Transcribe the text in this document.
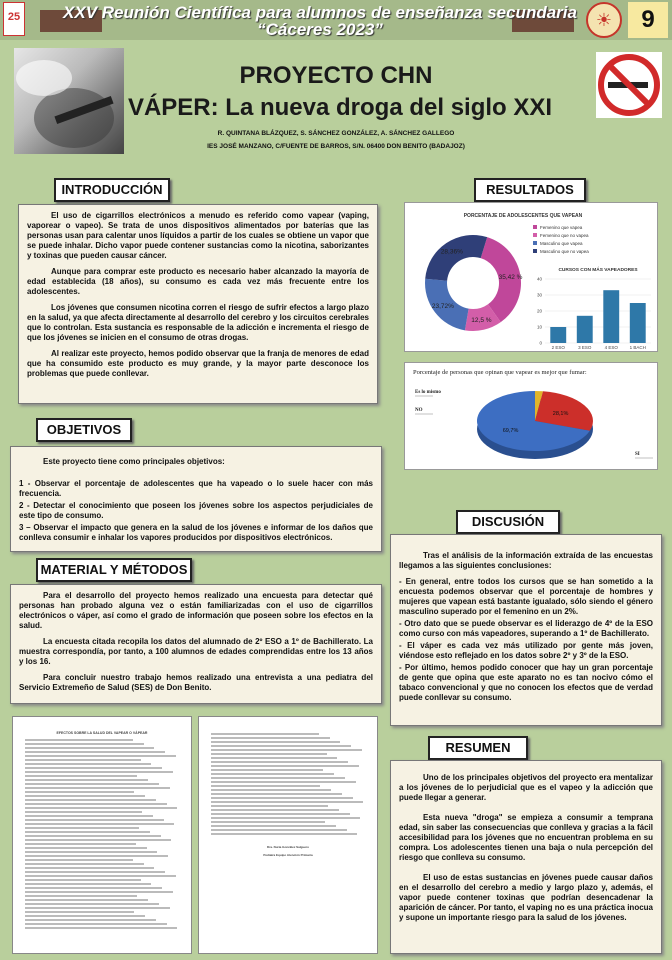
25	XXV Reunión Científica para alumnos de enseñanza secundaria
“Cáceres 2023”	☀	9
PROYECTO CHN
VÁPER: La nueva droga del siglo XXI
R. QUINTANA BLÁZQUEZ, S. SÁNCHEZ GONZÁLEZ, A. SÁNCHEZ GALLEGO
IES JOSÉ MANZANO, C/FUENTE DE BARROS, S/N. 06400 DON BENITO (BADAJOZ)
INTRODUCCIÓN

El uso de cigarrillos electrónicos a menudo es referido como vapear (vaping, vaporear o vapeo). Se trata de unos dispositivos alimentados por baterías que las personas usan para calentar unos líquidos a partir de los cuales se obtiene un vapor que se puede inhalar. Dicho vapor puede contener sustancias como la nicotina, saborizantes y toxinas que pueden causar cáncer.

Aunque para comprar este producto es necesario haber alcanzado la mayoría de edad establecida (18 años), su consumo es cada vez más frecuente entre los adolescentes.

Los jóvenes que consumen nicotina corren el riesgo de sufrir efectos a largo plazo en la salud, ya que afecta directamente al desarrollo del cerebro y los circuitos cerebrales que lo controlan. Esta sustancia es responsable de la adicción e incrementa el riesgo de que los jóvenes se inicien en el consumo de otras drogas.

Al realizar este proyecto, hemos podido observar que la franja de menores de edad que ha consumido este producto es muy grande, y la mayor parte desconoce los problemas que puede conllevar.

RESULTADOS
PORCENTAJE DE ADOLESCENTES QUE VAPEAN
35,42 %
12,5 %
23,72%
28,36%
Femenino que vapea
Femenino que no vapea
Masculino que vapea
Masculino que no vapea
CURSOS CON MÁS VAPEADORES
0
10
20
30
40
2 ESO	3 ESO	4 ESO	1 BACH
Porcentaje de personas que opinan que vapear es mejor que fumar:
28,1%
69,7%
Es lo mismo
NO
SI
OBJETIVOS

Este proyecto tiene como principales objetivos:

1 - Observar el porcentaje de adolescentes que ha vapeado o lo suele hacer con más frecuencia.

2 - Detectar el conocimiento que poseen los jóvenes sobre los aspectos perjudiciales de este tipo de consumo.

3 – Observar el impacto que genera en la salud de los jóvenes e informar de los daños que conlleva consumir e inhalar los vapores producidos por dispositivos electrónicos.

MATERIAL Y MÉTODOS

Para el desarrollo del proyecto hemos realizado una encuesta para detectar qué personas han probado alguna vez o están familiarizadas con el uso de cigarrillos electrónicos o váper, así como el grado de información que poseen sobre los efectos en la salud.

La encuesta citada recopila los datos del alumnado de 2º ESO a 1º de Bachillerato. La muestra correspondía, por tanto, a 100 alumnos de edades comprendidas entre los 13 años y los 16.

Para concluir nuestro trabajo hemos realizado una entrevista a una pediatra del Servicio Extremeño de Salud (SES) de Don Benito.

EFECTOS SOBRE LA SALUD DEL VAPEAR O VÁPEAR
Dra. Nuria González Salguero
Pediatra Equipo Atención Primaria
DISCUSIÓN

Tras el análisis de la información extraída de las encuestas llegamos a las siguientes conclusiones:

- En general, entre todos los cursos que se han sometido a la encuesta podemos observar que el porcentaje de hombres y mujeres que vapean está bastante igualado, sólo siendo el género masculino superado por el femenino en un 2%.

- Otro dato que se puede observar es el liderazgo de 4º de la ESO como curso con más vapeadores, superando a 1º de Bachillerato.

- El váper es cada vez más utilizado por gente más joven, viéndose esto reflejado en los datos sobre 2º y 3º de la ESO.

- Por último, hemos podido conocer que hay un gran porcentaje de gente que opina que este aparato no es tan nocivo cómo el tabaco convencional y que no conocen los efectos que de verdad puede conllevar su consumo.

RESUMEN

Uno de los principales objetivos del proyecto era mentalizar a los jóvenes de lo perjudicial que es el vapeo y la adicción que puede llegar a generar.

Esta nueva "droga" se empieza a consumir a temprana edad, sin saber las consecuencias que conlleva y gracias a la fácil accesibilidad para los jóvenes que no encuentran problema en su compra. Los adolescentes tienen una baja o nula percepción del riesgo que conlleva su consumo.

El uso de estas sustancias en jóvenes puede causar daños en el desarrollo del cerebro a medio y largo plazo y, además, el vapor puede contener toxinas que podrían desencadenar la aparición de cáncer. Por tanto, el vaping no es una práctica inocua y supone un importante riesgo para la salud de los jóvenes.
